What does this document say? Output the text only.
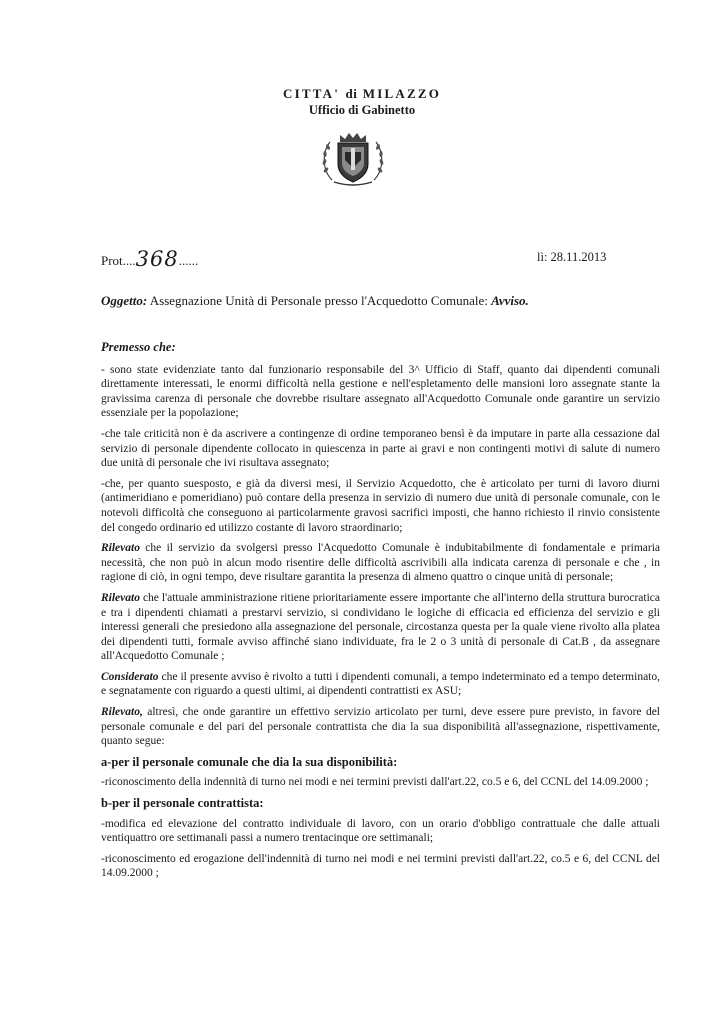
CITTA' di MILAZZO
Ufficio di Gabinetto
Prot....368......	lì: 28.11.2013
Oggetto: Assegnazione Unità di Personale presso l'Acquedotto Comunale: Avviso.
Premesso che:

- sono state evidenziate tanto dal funzionario responsabile del 3^ Ufficio di Staff, quanto dai dipendenti comunali direttamente interessati, le enormi difficoltà nella gestione e nell'espletamento delle mansioni loro assegnate stante la gravissima carenza di personale che dovrebbe risultare assegnato all'Acquedotto Comunale onde garantire un servizio essenziale per la popolazione;

-che tale criticità non è da ascrivere a contingenze di ordine temporaneo bensì è da imputare in parte alla cessazione dal servizio di personale dipendente collocato in quiescenza in parte ai gravi e non contingenti motivi di salute di numero due unità di personale che ivi risultava assegnato;

-che, per quanto suesposto, e già da diversi mesi, il Servizio Acquedotto, che è articolato per turni di lavoro diurni (antimeridiano e pomeridiano) può contare della presenza in servizio di numero due unità di personale comunale, con le notevoli difficoltà che conseguono ai particolarmente gravosi sacrifici imposti, che hanno richiesto il rinvio consistente del congedo ordinario ed utilizzo costante di lavoro straordinario;

Rilevato che il servizio da svolgersi presso l'Acquedotto Comunale è indubitabilmente di fondamentale e primaria necessità, che non può in alcun modo risentire delle difficoltà ascrivibili alla indicata carenza di personale e che , in ragione di ciò, in ogni tempo, deve risultare garantita la presenza di almeno quattro o cinque unità di personale;

Rilevato che l'attuale amministrazione ritiene prioritariamente essere importante che all'interno della struttura burocratica e tra i dipendenti chiamati a prestarvi servizio, si condividano le logiche di efficacia ed efficienza del servizio e gli interessi generali che presiedono alla assegnazione del personale, circostanza questa per la quale viene rivolto alla platea dei dipendenti tutti, formale avviso affinché siano individuate, fra le 2 o 3 unità di personale di Cat.B , da assegnare all'Acquedotto Comunale ;

Considerato che il presente avviso è rivolto a tutti i dipendenti comunali, a tempo indeterminato ed a tempo determinato, e segnatamente con riguardo a questi ultimi, ai dipendenti contrattisti ex ASU;

Rilevato, altresì, che onde garantire un effettivo servizio articolato per turni, deve essere pure previsto, in favore del personale comunale e del pari del personale contrattista che dia la sua disponibilità all'assegnazione, rispettivamente, quanto segue:

a-per il personale comunale che dia la sua disponibilità:

-riconoscimento della indennità di turno nei modi e nei termini previsti dall'art.22, co.5 e 6, del CCNL del 14.09.2000 ;

b-per il personale contrattista:

-modifica ed elevazione del contratto individuale di lavoro, con un orario d'obbligo contrattuale che dalle attuali ventiquattro ore settimanali passi a numero trentacinque ore settimanali;

-riconoscimento ed erogazione dell'indennità di turno nei modi e nei termini previsti dall'art.22, co.5 e 6, del CCNL del 14.09.2000 ;
